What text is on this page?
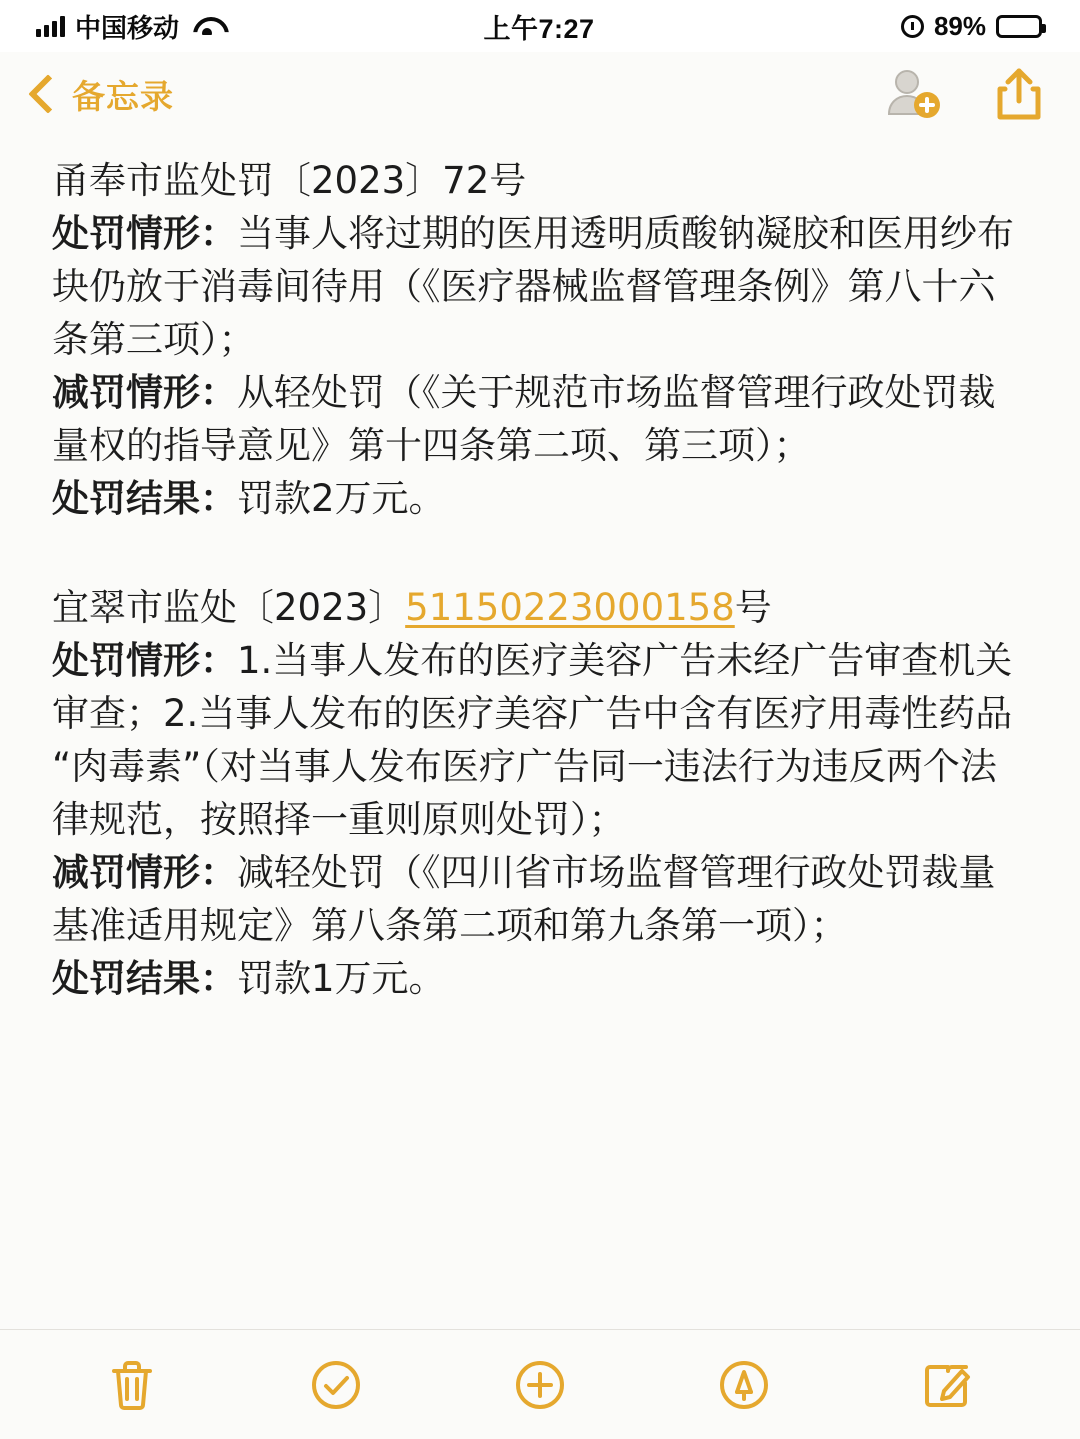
中国移动	上午7:27	89%
备忘录

甬奉市监处罚〔2023〕72号

处罚情形：当事人将过期的医用透明质酸钠凝胶和医用纱布块仍放于消毒间待用（《医疗器械监督管理条例》第八十六条第三项）；

减罚情形：从轻处罚（《关于规范市场监督管理行政处罚裁量权的指导意见》第十四条第二项、第三项）；

处罚结果：罚款2万元。

宜翠市监处〔2023〕51150223000158号

处罚情形：1.当事人发布的医疗美容广告未经广告审查机关审查；2.当事人发布的医疗美容广告中含有医疗用毒性药品“肉毒素”（对当事人发布医疗广告同一违法行为违反两个法律规范，按照择一重则原则处罚）；

减罚情形：减轻处罚（《四川省市场监督管理行政处罚裁量基准适用规定》第八条第二项和第九条第一项）；

处罚结果：罚款1万元。
